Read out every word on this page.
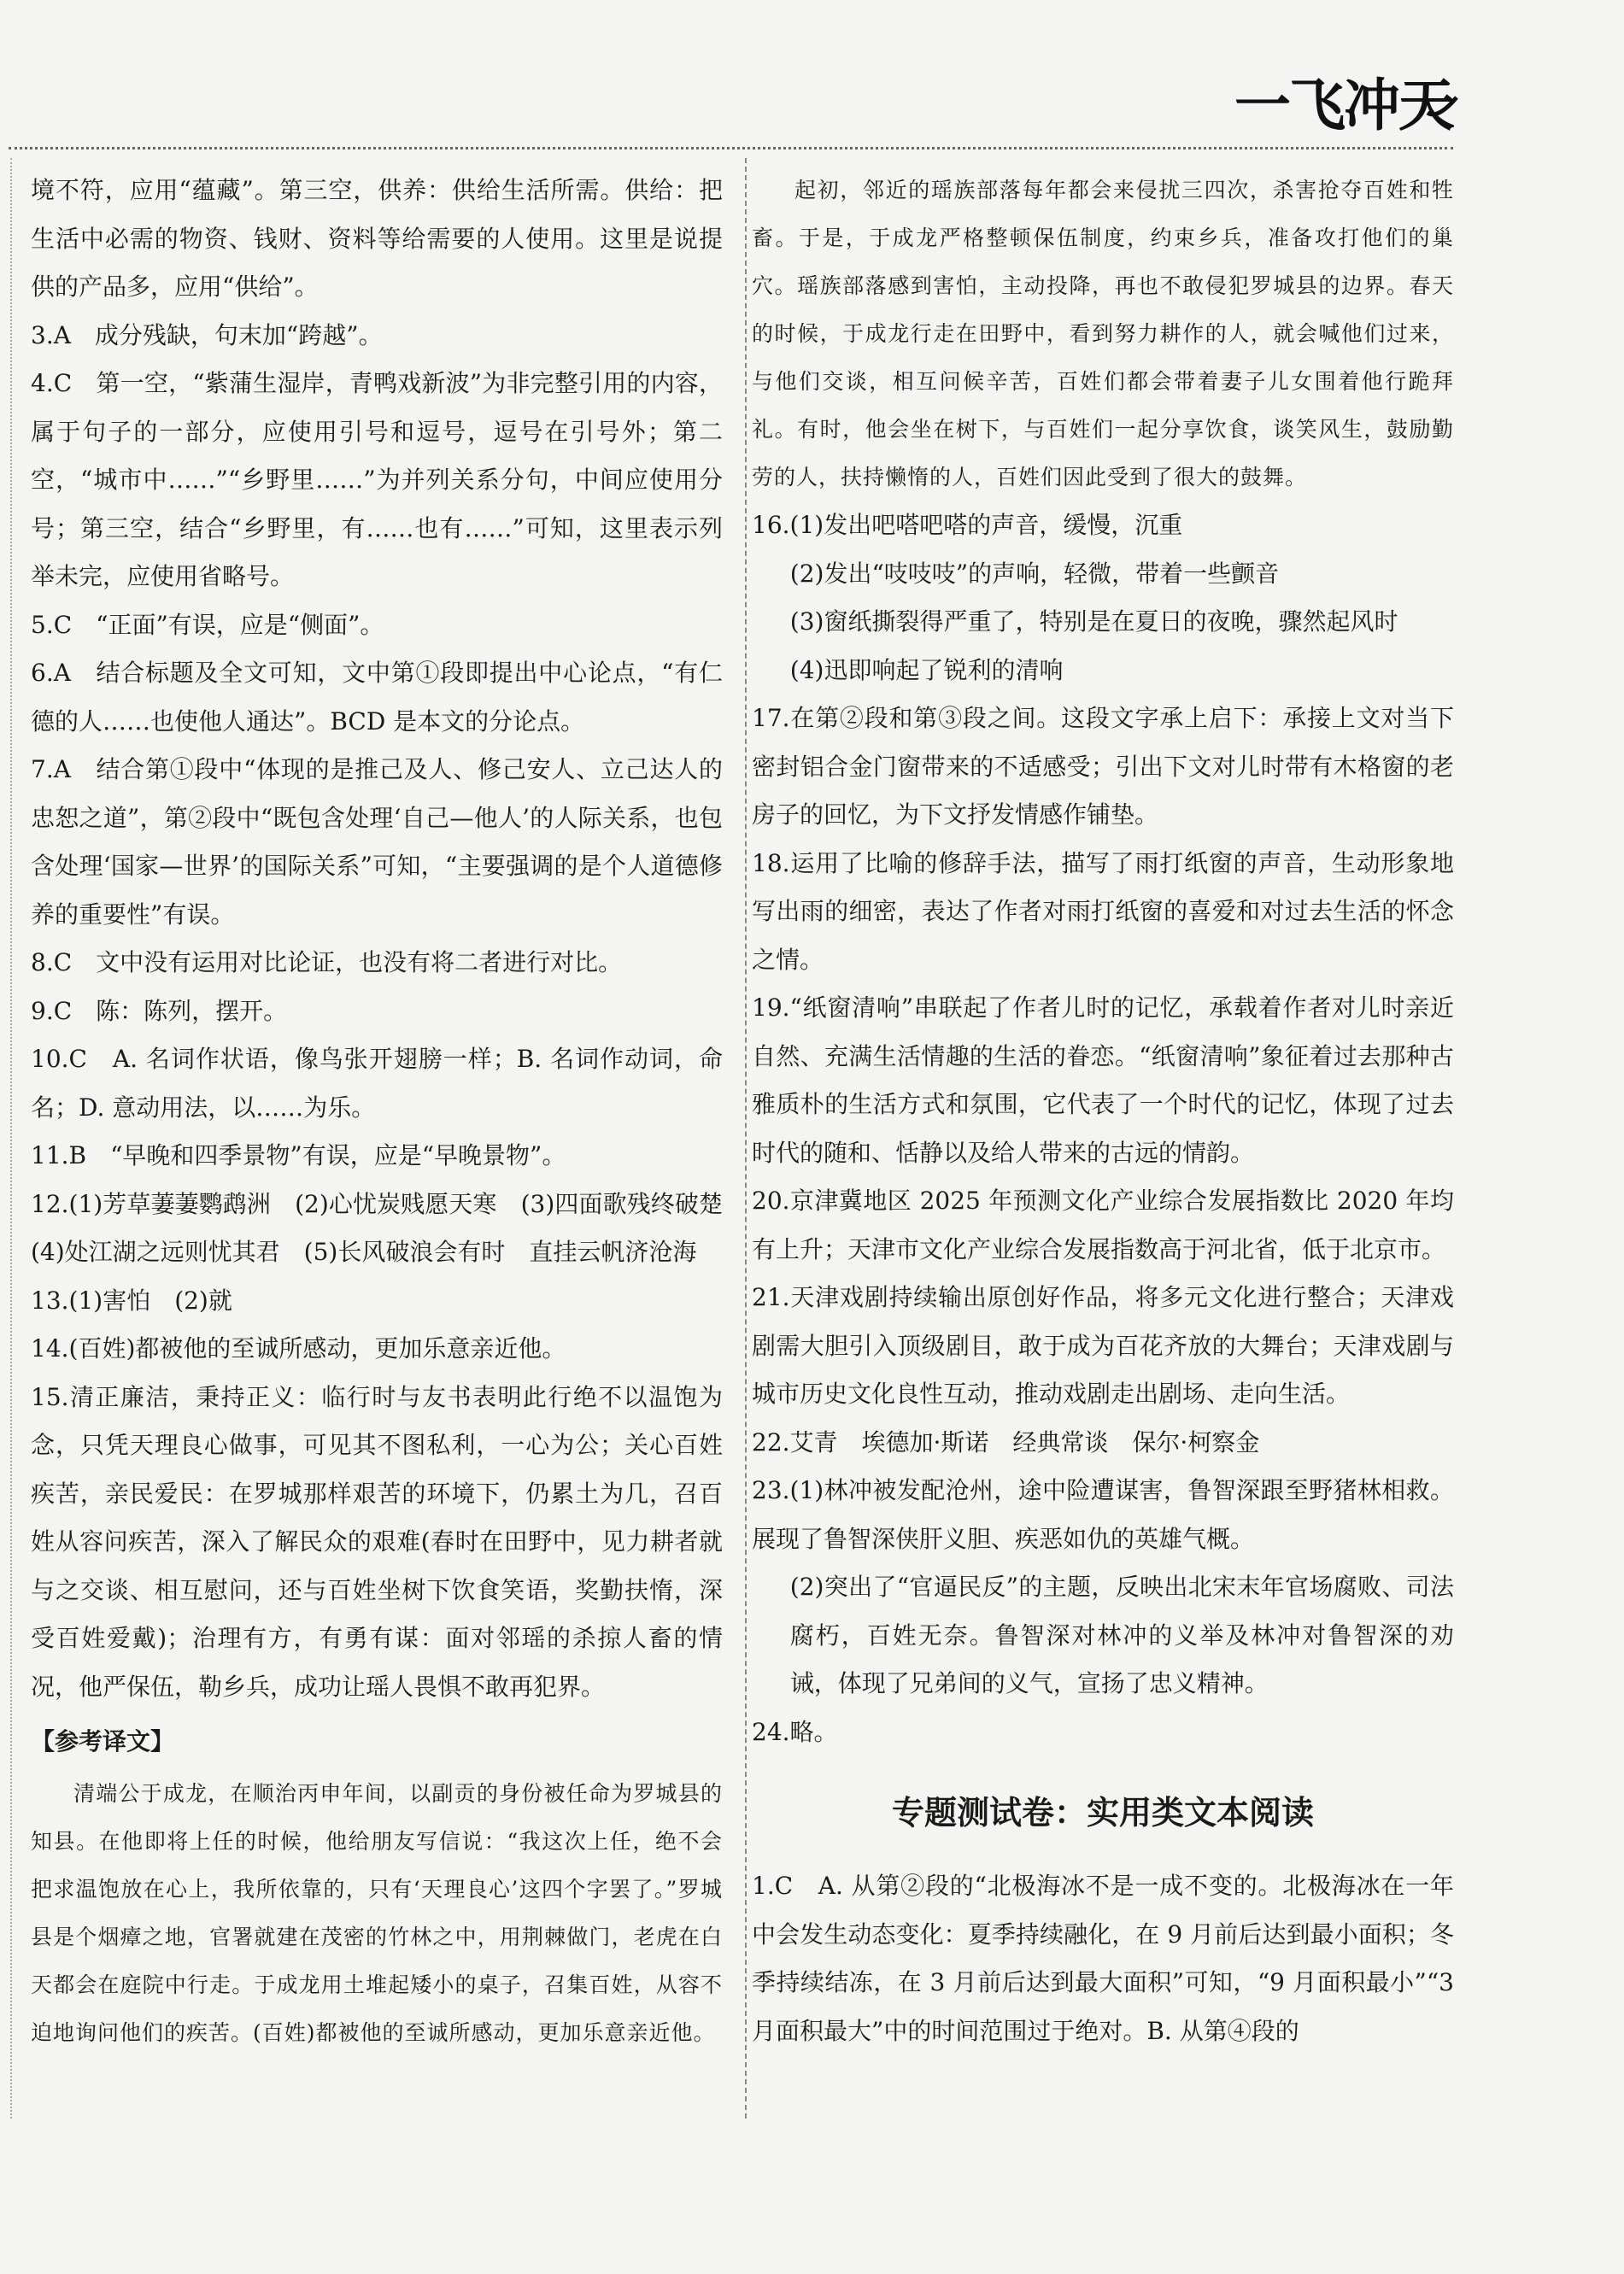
一飞冲天

境不符，应用“蕴藏”。第三空，供养：供给生活所需。供给：把生活中必需的物资、钱财、资料等给需要的人使用。这里是说提供的产品多，应用“供给”。

3.A　成分残缺，句末加“跨越”。

4.C　第一空，“紫蒲生湿岸，青鸭戏新波”为非完整引用的内容，属于句子的一部分，应使用引号和逗号，逗号在引号外；第二空，“城市中……”“乡野里……”为并列关系分句，中间应使用分号；第三空，结合“乡野里，有……也有……”可知，这里表示列举未完，应使用省略号。

5.C　“正面”有误，应是“侧面”。

6.A　结合标题及全文可知，文中第①段即提出中心论点，“有仁德的人……也使他人通达”。BCD 是本文的分论点。

7.A　结合第①段中“体现的是推己及人、修己安人、立己达人的忠恕之道”，第②段中“既包含处理‘自己—他人’的人际关系，也包含处理‘国家—世界’的国际关系”可知，“主要强调的是个人道德修养的重要性”有误。

8.C　文中没有运用对比论证，也没有将二者进行对比。

9.C　陈：陈列，摆开。

10.C　A. 名词作状语，像鸟张开翅膀一样；B. 名词作动词，命名；D. 意动用法，以……为乐。

11.B　“早晚和四季景物”有误，应是“早晚景物”。

12.(1)芳草萋萋鹦鹉洲　(2)心忧炭贱愿天寒　(3)四面歌残终破楚　(4)处江湖之远则忧其君　(5)长风破浪会有时　直挂云帆济沧海

13.(1)害怕　(2)就

14.(百姓)都被他的至诚所感动，更加乐意亲近他。

15.清正廉洁，秉持正义：临行时与友书表明此行绝不以温饱为念，只凭天理良心做事，可见其不图私利，一心为公；关心百姓疾苦，亲民爱民：在罗城那样艰苦的环境下，仍累土为几，召百姓从容问疾苦，深入了解民众的艰难(春时在田野中，见力耕者就与之交谈、相互慰问，还与百姓坐树下饮食笑语，奖勤扶惰，深受百姓爱戴)；治理有方，有勇有谋：面对邻瑶的杀掠人畜的情况，他严保伍，勒乡兵，成功让瑶人畏惧不敢再犯界。

【参考译文】

清端公于成龙，在顺治丙申年间，以副贡的身份被任命为罗城县的知县。在他即将上任的时候，他给朋友写信说：“我这次上任，绝不会把求温饱放在心上，我所依靠的，只有‘天理良心’这四个字罢了。”罗城县是个烟瘴之地，官署就建在茂密的竹林之中，用荆棘做门，老虎在白天都会在庭院中行走。于成龙用土堆起矮小的桌子，召集百姓，从容不迫地询问他们的疾苦。(百姓)都被他的至诚所感动，更加乐意亲近他。

起初，邻近的瑶族部落每年都会来侵扰三四次，杀害抢夺百姓和牲畜。于是，于成龙严格整顿保伍制度，约束乡兵，准备攻打他们的巢穴。瑶族部落感到害怕，主动投降，再也不敢侵犯罗城县的边界。春天的时候，于成龙行走在田野中，看到努力耕作的人，就会喊他们过来，与他们交谈，相互问候辛苦，百姓们都会带着妻子儿女围着他行跪拜礼。有时，他会坐在树下，与百姓们一起分享饮食，谈笑风生，鼓励勤劳的人，扶持懒惰的人，百姓们因此受到了很大的鼓舞。

16.(1)发出吧嗒吧嗒的声音，缓慢，沉重

(2)发出“吱吱吱”的声响，轻微，带着一些颤音

(3)窗纸撕裂得严重了，特别是在夏日的夜晚，骤然起风时

(4)迅即响起了锐利的清响

17.在第②段和第③段之间。这段文字承上启下：承接上文对当下密封铝合金门窗带来的不适感受；引出下文对儿时带有木格窗的老房子的回忆，为下文抒发情感作铺垫。

18.运用了比喻的修辞手法，描写了雨打纸窗的声音，生动形象地写出雨的细密，表达了作者对雨打纸窗的喜爱和对过去生活的怀念之情。

19.“纸窗清响”串联起了作者儿时的记忆，承载着作者对儿时亲近自然、充满生活情趣的生活的眷恋。“纸窗清响”象征着过去那种古雅质朴的生活方式和氛围，它代表了一个时代的记忆，体现了过去时代的随和、恬静以及给人带来的古远的情韵。

20.京津冀地区 2025 年预测文化产业综合发展指数比 2020 年均有上升；天津市文化产业综合发展指数高于河北省，低于北京市。

21.天津戏剧持续输出原创好作品，将多元文化进行整合；天津戏剧需大胆引入顶级剧目，敢于成为百花齐放的大舞台；天津戏剧与城市历史文化良性互动，推动戏剧走出剧场、走向生活。

22.艾青　埃德加·斯诺　经典常谈　保尔·柯察金

23.(1)林冲被发配沧州，途中险遭谋害，鲁智深跟至野猪林相救。展现了鲁智深侠肝义胆、疾恶如仇的英雄气概。

(2)突出了“官逼民反”的主题，反映出北宋末年官场腐败、司法腐朽，百姓无奈。鲁智深对林冲的义举及林冲对鲁智深的劝诫，体现了兄弟间的义气，宣扬了忠义精神。

24.略。

专题测试卷：实用类文本阅读

1.C　A. 从第②段的“北极海冰不是一成不变的。北极海冰在一年中会发生动态变化：夏季持续融化，在 9 月前后达到最小面积；冬季持续结冻，在 3 月前后达到最大面积”可知，“9 月面积最小”“3 月面积最大”中的时间范围过于绝对。B. 从第④段的
